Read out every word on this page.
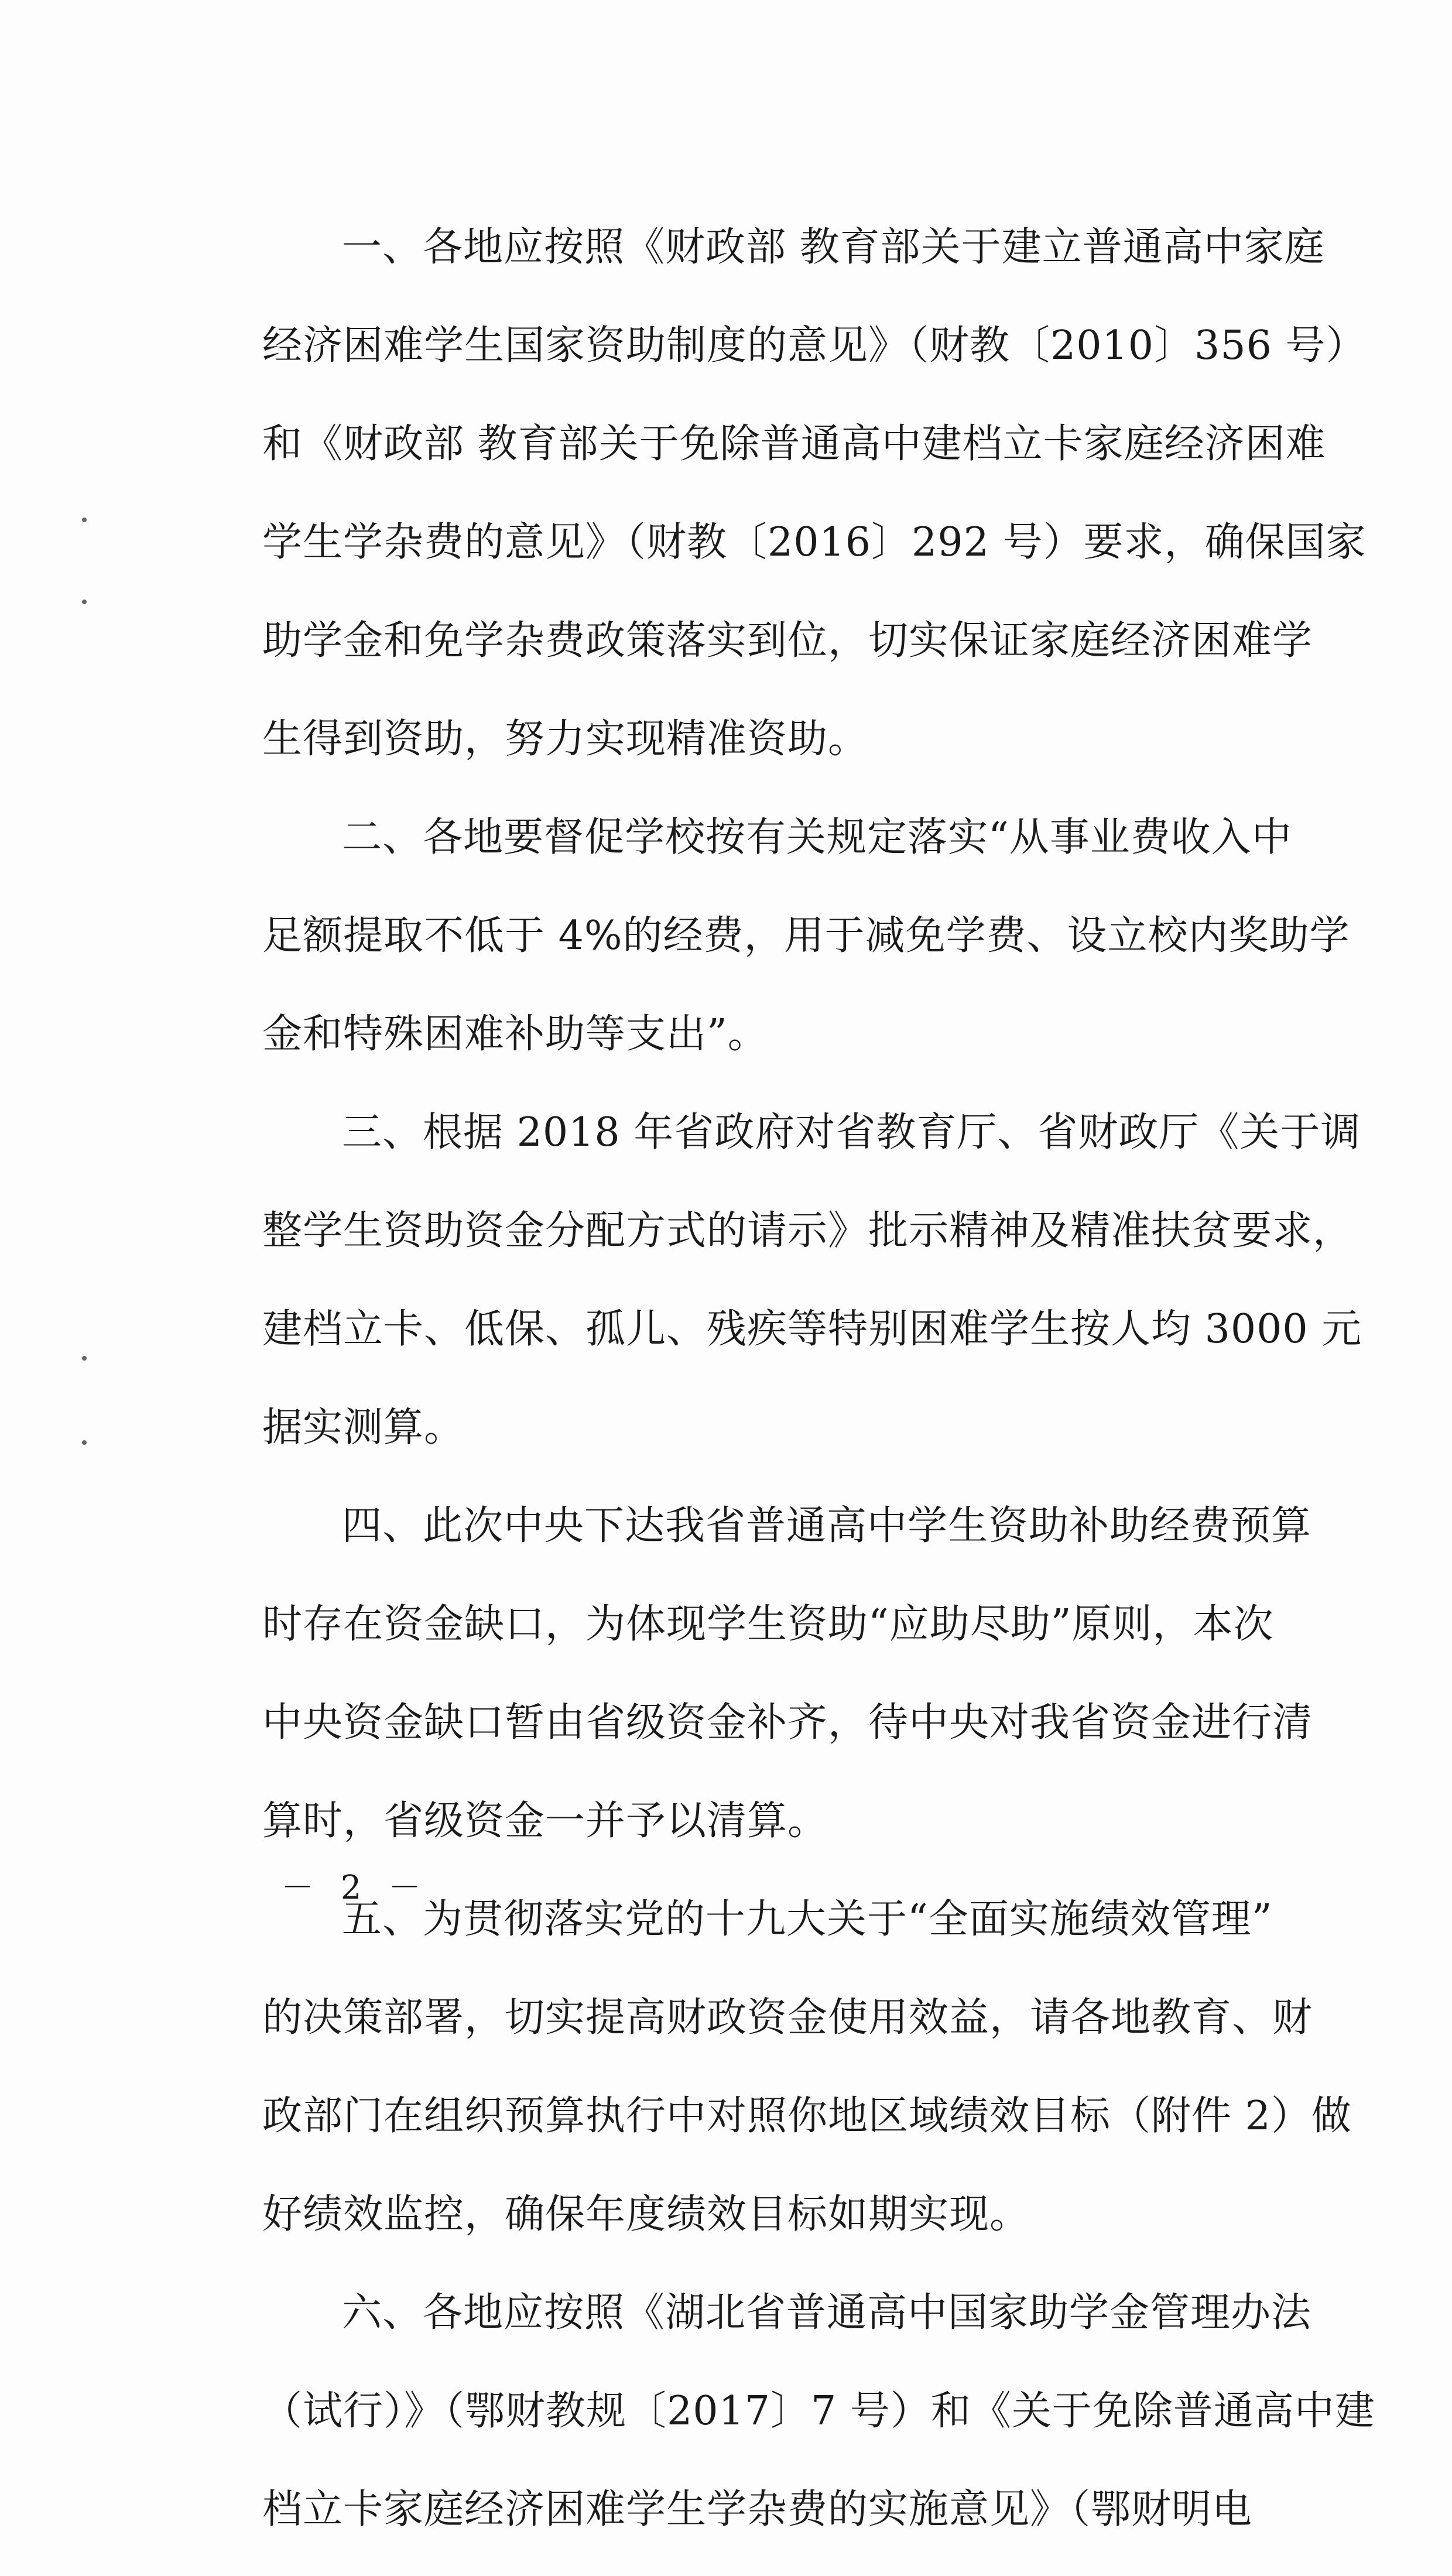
一、各地应按照《财政部 教育部关于建立普通高中家庭
经济困难学生国家资助制度的意见》（财教〔2010〕356 号）
和《财政部 教育部关于免除普通高中建档立卡家庭经济困难
学生学杂费的意见》（财教〔2016〕292 号）要求，确保国家
助学金和免学杂费政策落实到位，切实保证家庭经济困难学
生得到资助，努力实现精准资助。
二、各地要督促学校按有关规定落实“从事业费收入中
足额提取不低于 4%的经费，用于减免学费、设立校内奖助学
金和特殊困难补助等支出”。
三、根据 2018 年省政府对省教育厅、省财政厅《关于调
整学生资助资金分配方式的请示》批示精神及精准扶贫要求，
建档立卡、低保、孤儿、残疾等特别困难学生按人均 3000 元
据实测算。
四、此次中央下达我省普通高中学生资助补助经费预算
时存在资金缺口，为体现学生资助“应助尽助”原则，本次
中央资金缺口暂由省级资金补齐，待中央对我省资金进行清
算时，省级资金一并予以清算。
五、为贯彻落实党的十九大关于“全面实施绩效管理”
的决策部署，切实提高财政资金使用效益，请各地教育、财
政部门在组织预算执行中对照你地区域绩效目标（附件 2）做
好绩效监控，确保年度绩效目标如期实现。
六、各地应按照《湖北省普通高中国家助学金管理办法
（试行）》（鄂财教规〔2017〕7 号）和《关于免除普通高中建
档立卡家庭经济困难学生学杂费的实施意见》（鄂财明电
－ 2 －
